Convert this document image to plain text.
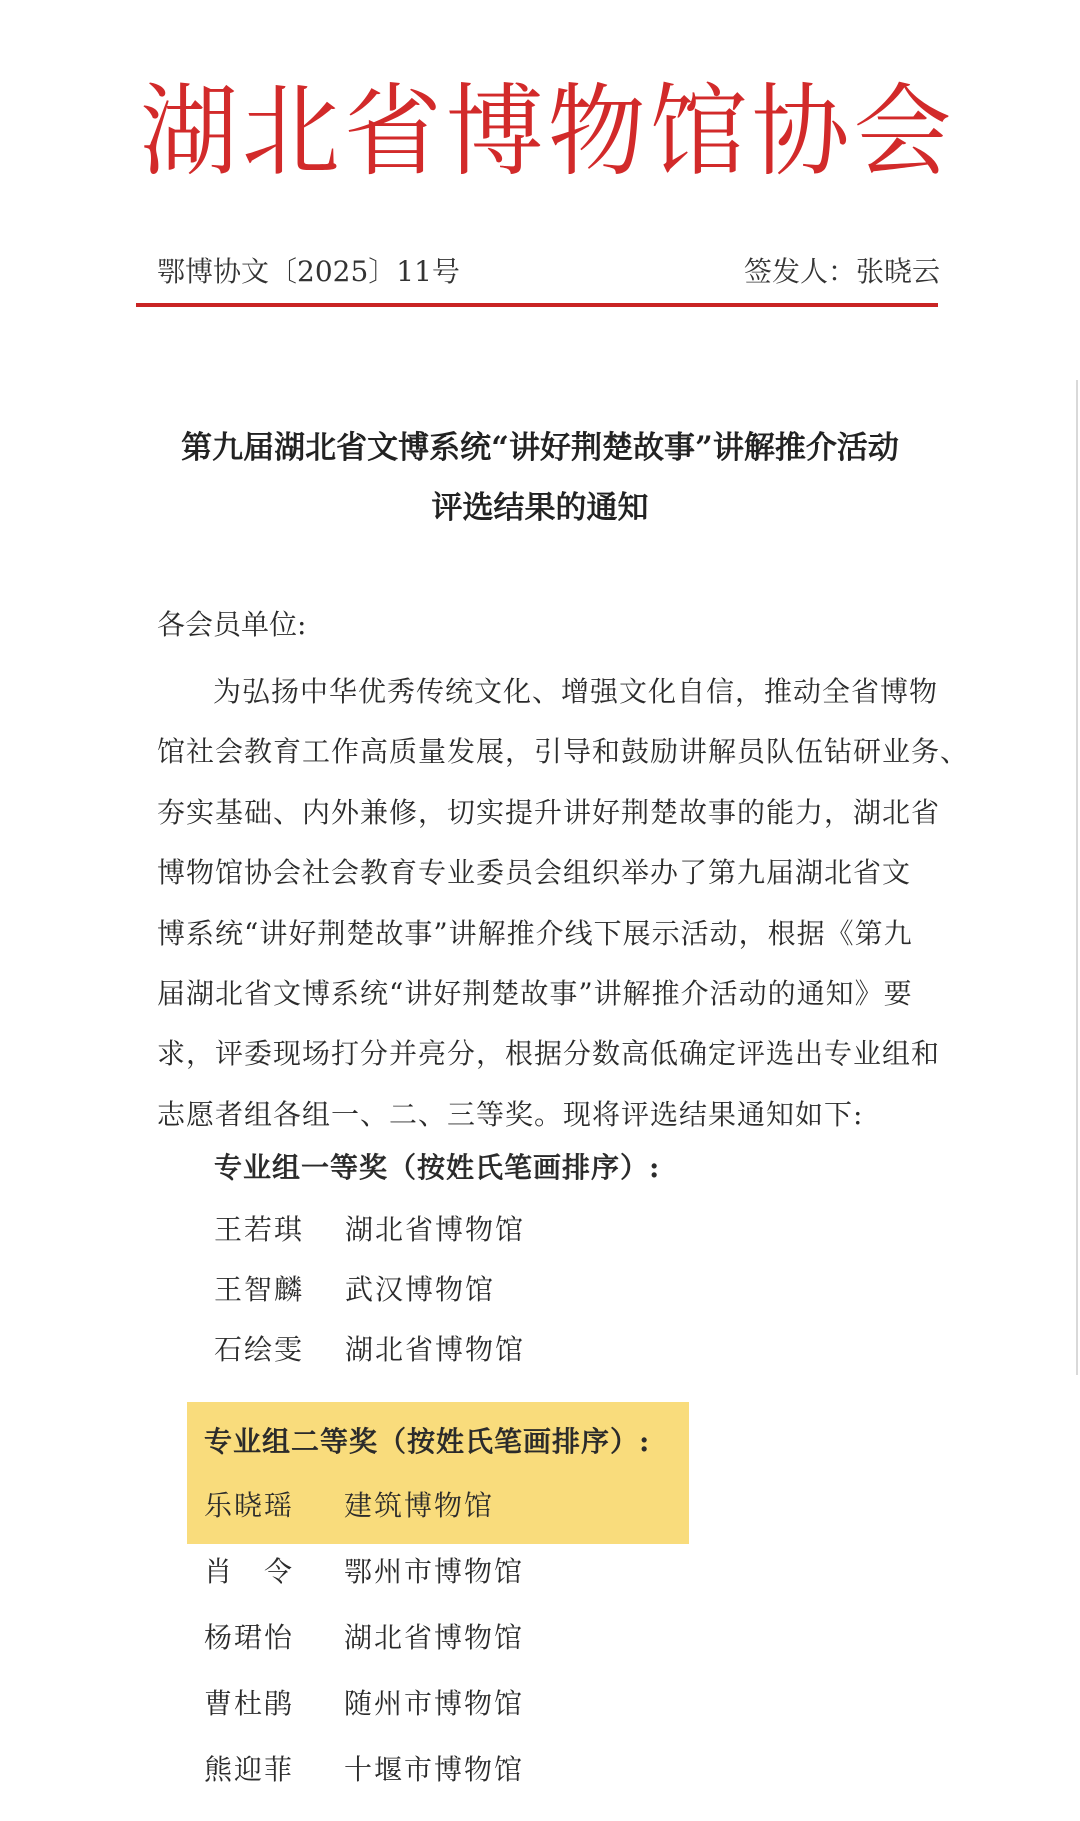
湖北省博物馆协会
鄂博协文〔2025〕11号	签发人：张晓云
第九届湖北省文博系统“讲好荆楚故事”讲解推介活动
评选结果的通知
各会员单位:
为弘扬中华优秀传统文化、增强文化自信，推动全省博物
馆社会教育工作高质量发展，引导和鼓励讲解员队伍钻研业务、
夯实基础、内外兼修，切实提升讲好荆楚故事的能力，湖北省
博物馆协会社会教育专业委员会组织举办了第九届湖北省文
博系统“讲好荆楚故事”讲解推介线下展示活动，根据《第九
届湖北省文博系统“讲好荆楚故事”讲解推介活动的通知》要
求，评委现场打分并亮分，根据分数高低确定评选出专业组和
志愿者组各组一、二、三等奖。现将评选结果通知如下:
专业组一等奖（按姓氏笔画排序）:
王若琪 湖北省博物馆
王智麟 武汉博物馆
石绘雯 湖北省博物馆
专业组二等奖（按姓氏笔画排序）:
乐晓瑶 建筑博物馆
肖　令 鄂州市博物馆
杨珺怡 湖北省博物馆
曹杜鹃 随州市博物馆
熊迎菲 十堰市博物馆
